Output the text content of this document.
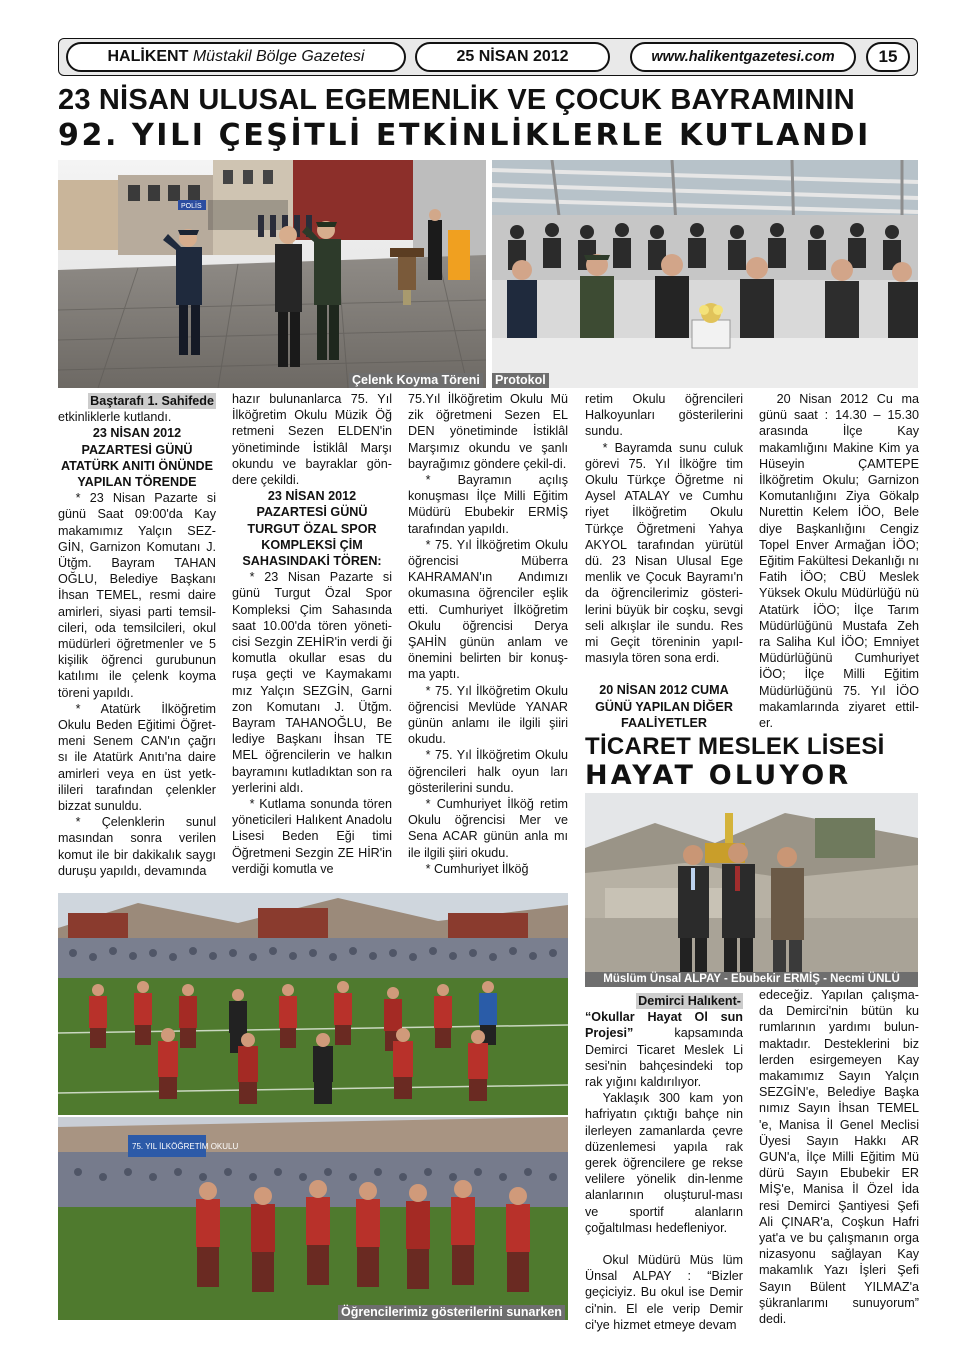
HALİKENT
Müstakil Bölge Gazetesi	25 NİSAN 2012	www.halikentgazetesi.com	15
23 NİSAN ULUSAL EGEMENLİK VE ÇOCUK BAYRAMININ
92. YILI ÇEŞİTLİ ETKİNLİKLERLE KUTLANDI
POLİS
Çelenk Koyma Töreni Protokol

Baştarafı 1. Sahifede

etkinliklerle kutlandı.

23 NİSAN 2012 PAZARTESİ GÜNÜ ATATÜRK ANITI ÖNÜNDE YAPILAN TÖRENDE

* 23 Nisan Pazarte si günü Saat 09:00'da Kay makamımız Yalçın SEZ-GİN, Garnizon Komutanı J. Ütğm. Bayram TAHAN OĞLU, Belediye Başkanı İhsan TEMEL, resmi daire amirleri, siyasi parti temsil-cileri, oda temsilcileri, okul müdürleri öğretmenler ve 5 kişilik öğrenci gurubunun katılımı ile çelenk koyma töreni yapıldı.

* Atatürk İlköğretim Okulu Beden Eğitimi Öğret-meni Senem CAN'ın çağrı sı ile Atatürk Anıtı'na daire amirleri veya en üst yetk-ilileri tarafından çelenkler bizzat sunuldu.

* Çelenklerin sunul masından sonra verilen komut ile bir dakikalık saygı duruşu yapıldı, devamında

hazır bulunanlarca 75. Yıl İlköğretim Okulu Müzik Öğ retmeni Sezen ELDEN'in yönetiminde İstiklâl Marşı okundu ve bayraklar gön-dere çekildi.

23 NİSAN 2012 PAZARTESİ GÜNÜ TURGUT ÖZAL SPOR KOMPLEKSİ ÇİM SAHASINDAKİ TÖREN:

* 23 Nisan Pazarte si günü Turgut Özal Spor Kompleksi Çim Sahasında saat 10.00'da tören yöneti-cisi Sezgin ZEHİR'in verdi ği komutla okullar esas du ruşa geçti ve Kaymakamı mız Yalçın SEZGİN, Garni zon Komutanı J. Ütğm. Bayram TAHANOĞLU, Be lediye Başkanı İhsan TE MEL öğrencilerin ve halkın bayramını kutladıktan son ra yerlerini aldı.

* Kutlama sonunda tören yöneticileri Halıkent Anadolu Lisesi Beden Eği timi Öğretmeni Sezgin ZE HİR'in verdiği komutla ve

75.Yıl İlköğretim Okulu Mü zik öğretmeni Sezen EL DEN yönetiminde İstiklâl Marşımız okundu ve şanlı bayrağımız göndere çekil-di.

* Bayramın açılış konuşması İlçe Milli Eğitim Müdürü Ebubekir ERMİŞ tarafından yapıldı.

* 75. Yıl İlköğretim Okulu öğrencisi Müberra KAHRAMAN'ın Andımızı okumasına öğrenciler eşlik etti. Cumhuriyet İlköğretim Okulu öğrencisi Derya ŞAHİN günün anlam ve önemini belirten bir konuş-ma yaptı.

* 75. Yıl İlköğretim Okulu öğrencisi Mevlüde YANAR günün anlamı ile ilgili şiiri okudu.

* 75. Yıl İlköğretim Okulu öğrencileri halk oyun ları gösterilerini sundu.

* Cumhuriyet İlköğ retim Okulu öğrencisi Mer ve Sena ACAR günün anla mı ile ilgili şiiri okudu.

* Cumhuriyet İlköğ

retim Okulu öğrencileri Halkoyunları gösterilerini sundu.

* Bayramda sunu culuk görevi 75. Yıl İlköğre tim Okulu Türkçe Öğretme ni Aysel ATALAY ve Cumhu riyet İlköğretim Okulu Türkçe Öğretmeni Yahya AKYOL tarafından yürütül dü. 23 Nisan Ulusal Ege menlik ve Çocuk Bayramı'n da öğrencilerimiz gösteri-lerini büyük bir coşku, sevgi seli alkışlar ile sundu. Res mi Geçit töreninin yapıl-masıyla tören sona erdi.

20 NİSAN 2012 CUMA GÜNÜ YAPILAN DİĞER FAALİYETLER

20 Nisan 2012 Cu ma günü saat : 14.30 – 15.30 arasında İlçe Kay makamlığını Makine Kim ya Hüseyin ÇAMTEPE İlköğretim Okulu; Garnizon Komutanlığını Ziya Gökalp Nurettin Kelem İÖO, Bele diye Başkanlığını Cengiz Topel Enver Armağan İÖO; Eğitim Fakültesi Dekanlığı nı Fatih İÖO; CBÜ Meslek Yüksek Okulu Müdürlüğü nü Atatürk İÖO; İlçe Tarım Müdürlüğünü Mustafa Zeh ra Saliha Kul İÖO; Emniyet Müdürlüğünü Cumhuriyet İÖO; İlçe Milli Eğitim Müdürlüğünü 75. Yıl İÖO makamlarında ziyaret ettil-er.

TİCARET MESLEK LİSESİ
HAYAT OLUYOR
Müslüm Ünsal ALPAY - Ebubekir ERMİŞ - Necmi ÜNLÜ

Demirci Halıkent-

“Okullar Hayat Ol sun Projesi”	kapsamında Demirci Ticaret Meslek Li sesi'nin bahçesindeki top rak yığını kaldırılıyor.

Yaklaşık 300 kam yon hafriyatın çıktığı bahçe nin ilerleyen zamanlarda çevre düzenlemesi yapıla rak gerek öğrencilere ge rekse velilere yönelik din-lenme alanlarının oluşturul-ması ve sportif alanların çoğaltılması hedefleniyor.

Okul Müdürü Müs lüm Ünsal ALPAY : “Bizler geçiciyiz. Bu okul ise Demir ci'nin. El ele verip Demir ci'ye hizmet etmeye devam

edeceğiz. Yapılan çalışma-da Demirci'nin bütün ku rumlarının yardımı bulun-maktadır. Desteklerini biz lerden esirgemeyen Kay makamımız Sayın Yalçın SEZGİN'e, Belediye Başka nımız Sayın İhsan TEMEL 'e, Manisa İl Genel Meclisi Üyesi Sayın Hakkı AR GUN'a, İlçe Milli Eğitim Mü dürü Sayın Ebubekir ER MİŞ'e, Manisa İl Özel İda resi Demirci Şantiyesi Şefi Ali ÇINAR'a, Coşkun Hafri yat'a ve bu çalışmanın orga nizasyonu sağlayan Kay makamlık Yazı İşleri Şefi Sayın Bülent YILMAZ'a şükranlarımı sunuyorum” dedi.

75. YIL İLKÖĞRETİM OKULU
Öğrencilerimiz gösterilerini sunarken
